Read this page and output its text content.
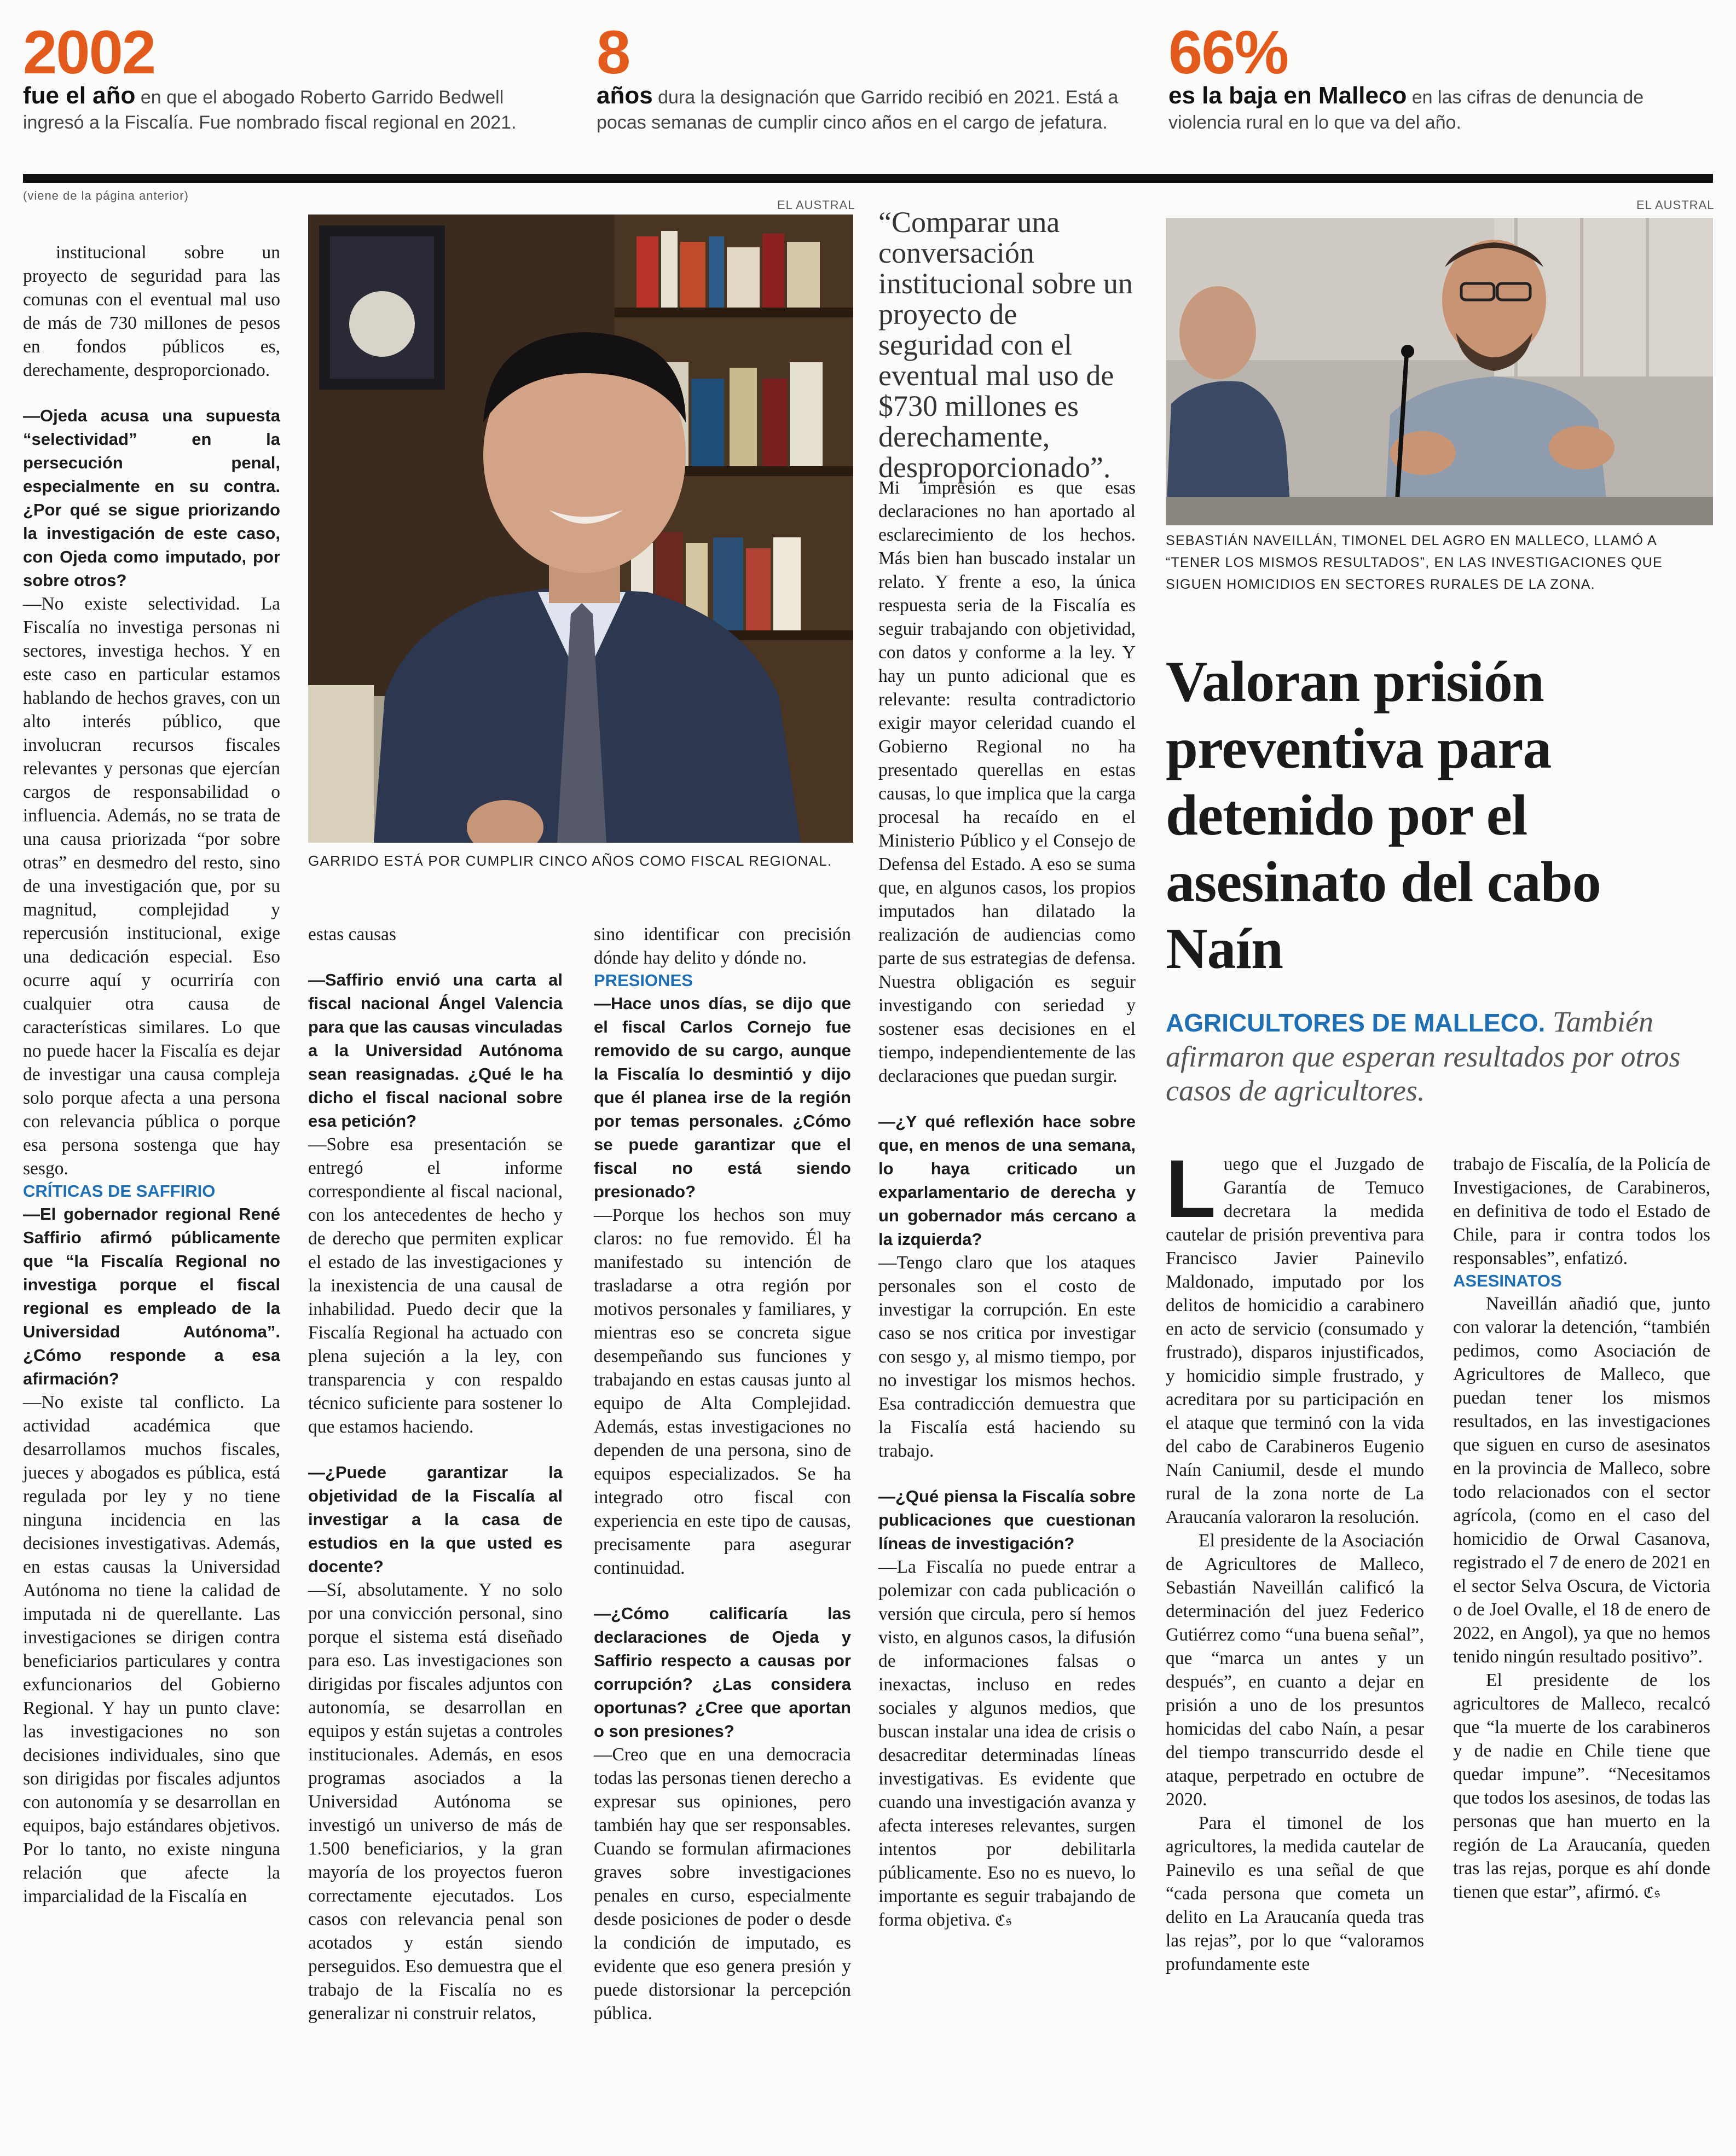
2002
fue el año en que el abogado Roberto Garrido Bedwell ingresó a la Fiscalía. Fue nombrado fiscal regional en 2021.
8
años dura la designación que Garrido recibió en 2021. Está a pocas semanas de cumplir cinco años en el cargo de jefatura.
66%
es la baja en Malleco en las cifras de denuncia de violencia rural en lo que va del año.
(viene de la página anterior)
EL AUSTRAL
GARRIDO ESTÁ POR CUMPLIR CINCO AÑOS COMO FISCAL REGIONAL.

institucional sobre un proyecto de seguridad para las comunas con el eventual mal uso de más de 730 millones de pesos en fondos públicos es, derechamente, desproporcionado.

—Ojeda acusa una supuesta “selectividad” en la persecución penal, especialmente en su contra. ¿Por qué se sigue priorizando la investigación de este caso, con Ojeda como imputado, por sobre otros?

—No existe selectividad. La Fiscalía no investiga personas ni sectores, investiga hechos. Y en este caso en particular estamos hablando de hechos graves, con un alto interés público, que involucran recursos fiscales relevantes y personas que ejercían cargos de responsabilidad o influencia. Además, no se trata de una causa priorizada “por sobre otras” en desmedro del resto, sino de una investigación que, por su magnitud, complejidad y repercusión institucional, exige una dedicación especial. Eso ocurre aquí y ocurriría con cualquier otra causa de características similares. Lo que no puede hacer la Fiscalía es dejar de investigar una causa compleja solo porque afecta a una persona con relevancia pública o porque esa persona sostenga que hay sesgo.

CRÍTICAS DE SAFFIRIO

—El gobernador regional René Saffirio afirmó públicamente que “la Fiscalía Regional no investiga porque el fiscal regional es empleado de la Universidad Autónoma”. ¿Cómo responde a esa afirmación?

—No existe tal conflicto. La actividad académica que desarrollamos muchos fiscales, jueces y abogados es pública, está regulada por ley y no tiene ninguna incidencia en las decisiones investigativas. Además, en estas causas la Universidad Autónoma no tiene la calidad de imputada ni de querellante. Las investigaciones se dirigen contra beneficiarios particulares y contra exfuncionarios del Gobierno Regional. Y hay un punto clave: las investigaciones no son decisiones individuales, sino que son dirigidas por fiscales adjuntos con autonomía y se desarrollan en equipos, bajo estándares objetivos. Por lo tanto, no existe ninguna relación que afecte la imparcialidad de la Fiscalía en

estas causas

—Saffirio envió una carta al fiscal nacional Ángel Valencia para que las causas vinculadas a la Universidad Autónoma sean reasignadas. ¿Qué le ha dicho el fiscal nacional sobre esa petición?

—Sobre esa presentación se entregó el informe correspondiente al fiscal nacional, con los antecedentes de hecho y de derecho que permiten explicar el estado de las investigaciones y la inexistencia de una causal de inhabilidad. Puedo decir que la Fiscalía Regional ha actuado con plena sujeción a la ley, con transparencia y con respaldo técnico suficiente para sostener lo que estamos haciendo.

—¿Puede garantizar la objetividad de la Fiscalía al investigar a la casa de estudios en la que usted es docente?

—Sí, absolutamente. Y no solo por una convicción personal, sino porque el sistema está diseñado para eso. Las investigaciones son dirigidas por fiscales adjuntos con autonomía, se desarrollan en equipos y están sujetas a controles institucionales. Además, en esos programas asociados a la Universidad Autónoma se investigó un universo de más de 1.500 beneficiarios, y la gran mayoría de los proyectos fueron correctamente ejecutados. Los casos con relevancia penal son acotados y están siendo perseguidos. Eso demuestra que el trabajo de la Fiscalía no es generalizar ni construir relatos,

sino identificar con precisión dónde hay delito y dónde no.

PRESIONES

—Hace unos días, se dijo que el fiscal Carlos Cornejo fue removido de su cargo, aunque la Fiscalía lo desmintió y dijo que él planea irse de la región por temas personales. ¿Cómo se puede garantizar que el fiscal no está siendo presionado?

—Porque los hechos son muy claros: no fue removido. Él ha manifestado su intención de trasladarse a otra región por motivos personales y familiares, y mientras eso se concreta sigue desempeñando sus funciones y trabajando en estas causas junto al equipo de Alta Complejidad. Además, estas investigaciones no dependen de una persona, sino de equipos especializados. Se ha integrado otro fiscal con experiencia en este tipo de causas, precisamente para asegurar continuidad.

—¿Cómo calificaría las declaraciones de Ojeda y Saffirio respecto a causas por corrupción? ¿Las considera oportunas? ¿Cree que aportan o son presiones?

—Creo que en una democracia todas las personas tienen derecho a expresar sus opiniones, pero también hay que ser responsables. Cuando se formulan afirmaciones graves sobre investigaciones penales en curso, especialmente desde posiciones de poder o desde la condición de imputado, es evidente que eso genera presión y puede distorsionar la percepción pública.

“Comparar una conversación institucional sobre un proyecto de seguridad con el eventual mal uso de $730 millones es derechamente, desproporcionado”.

Mi impresión es que esas declaraciones no han aportado al esclarecimiento de los hechos. Más bien han buscado instalar un relato. Y frente a eso, la única respuesta seria de la Fiscalía es seguir trabajando con objetividad, con datos y conforme a la ley. Y hay un punto adicional que es relevante: resulta contradictorio exigir mayor celeridad cuando el Gobierno Regional no ha presentado querellas en estas causas, lo que implica que la carga procesal ha recaído en el Ministerio Público y el Consejo de Defensa del Estado. A eso se suma que, en algunos casos, los propios imputados han dilatado la realización de audiencias como parte de sus estrategias de defensa. Nuestra obligación es seguir investigando con seriedad y sostener esas decisiones en el tiempo, independientemente de las declaraciones que puedan surgir.

—¿Y qué reflexión hace sobre que, en menos de una semana, lo haya criticado un exparlamentario de derecha y un gobernador más cercano a la izquierda?

—Tengo claro que los ataques personales son el costo de investigar la corrupción. En este caso se nos critica por investigar con sesgo y, al mismo tiempo, por no investigar los mismos hechos. Esa contradicción demuestra que la Fiscalía está haciendo su trabajo.

—¿Qué piensa la Fiscalía sobre publicaciones que cuestionan líneas de investigación?

—La Fiscalía no puede entrar a polemizar con cada publicación o versión que circula, pero sí hemos visto, en algunos casos, la difusión de informaciones falsas o inexactas, incluso en redes sociales y algunos medios, que buscan instalar una idea de crisis o desacreditar determinadas líneas investigativas. Es evidente que cuando una investigación avanza y afecta intereses relevantes, surgen intentos por debilitarla públicamente. Eso no es nuevo, lo importante es seguir trabajando de forma objetiva. ℭ𝔰

EL AUSTRAL
SEBASTIÁN NAVEILLÁN, TIMONEL DEL AGRO EN MALLECO, LLAMÓ A “TENER LOS MISMOS RESULTADOS”, EN LAS INVESTIGACIONES QUE SIGUEN HOMICIDIOS EN SECTORES RURALES DE LA ZONA.
Valoran prisión preventiva para detenido por el asesinato del cabo Naín
AGRICULTORES DE MALLECO. También afirmaron que esperan resultados por otros casos de agricultores.

Luego que el Juzgado de Garantía de Temuco decretara la medida cautelar de prisión preventiva para Francisco Javier Painevilo Maldonado, imputado por los delitos de homicidio a carabinero en acto de servicio (consumado y frustrado), disparos injustificados, y homicidio simple frustrado, y acreditara por su participación en el ataque que terminó con la vida del cabo de Carabineros Eugenio Naín Caniumil, desde el mundo rural de la zona norte de La Araucanía valoraron la resolución.

El presidente de la Asociación de Agricultores de Malleco, Sebastián Naveillán calificó la determinación del juez Federico Gutiérrez como “una buena señal”, que “marca un antes y un después”, en cuanto a dejar en prisión a uno de los presuntos homicidas del cabo Naín, a pesar del tiempo transcurrido desde el ataque, perpetrado en octubre de 2020.

Para el timonel de los agricultores, la medida cautelar de Painevilo es una señal de que “cada persona que cometa un delito en La Araucanía queda tras las rejas”, por lo que “valoramos profundamente este

trabajo de Fiscalía, de la Policía de Investigaciones, de Carabineros, en definitiva de todo el Estado de Chile, para ir contra todos los responsables”, enfatizó.

ASESINATOS

Naveillán añadió que, junto con valorar la detención, “también pedimos, como Asociación de Agricultores de Malleco, que puedan tener los mismos resultados, en las investigaciones que siguen en curso de asesinatos en la provincia de Malleco, sobre todo relacionados con el sector agrícola, (como en el caso del homicidio de Orwal Casanova, registrado el 7 de enero de 2021 en el sector Selva Oscura, de Victoria o de Joel Ovalle, el 18 de enero de 2022, en Angol), ya que no hemos tenido ningún resultado positivo”.

El presidente de los agricultores de Malleco, recalcó que “la muerte de los carabineros y de nadie en Chile tiene que quedar impune”. “Necesitamos que todos los asesinos, de todas las personas que han muerto en la región de La Araucanía, queden tras las rejas, porque es ahí donde tienen que estar”, afirmó. ℭ𝔰
